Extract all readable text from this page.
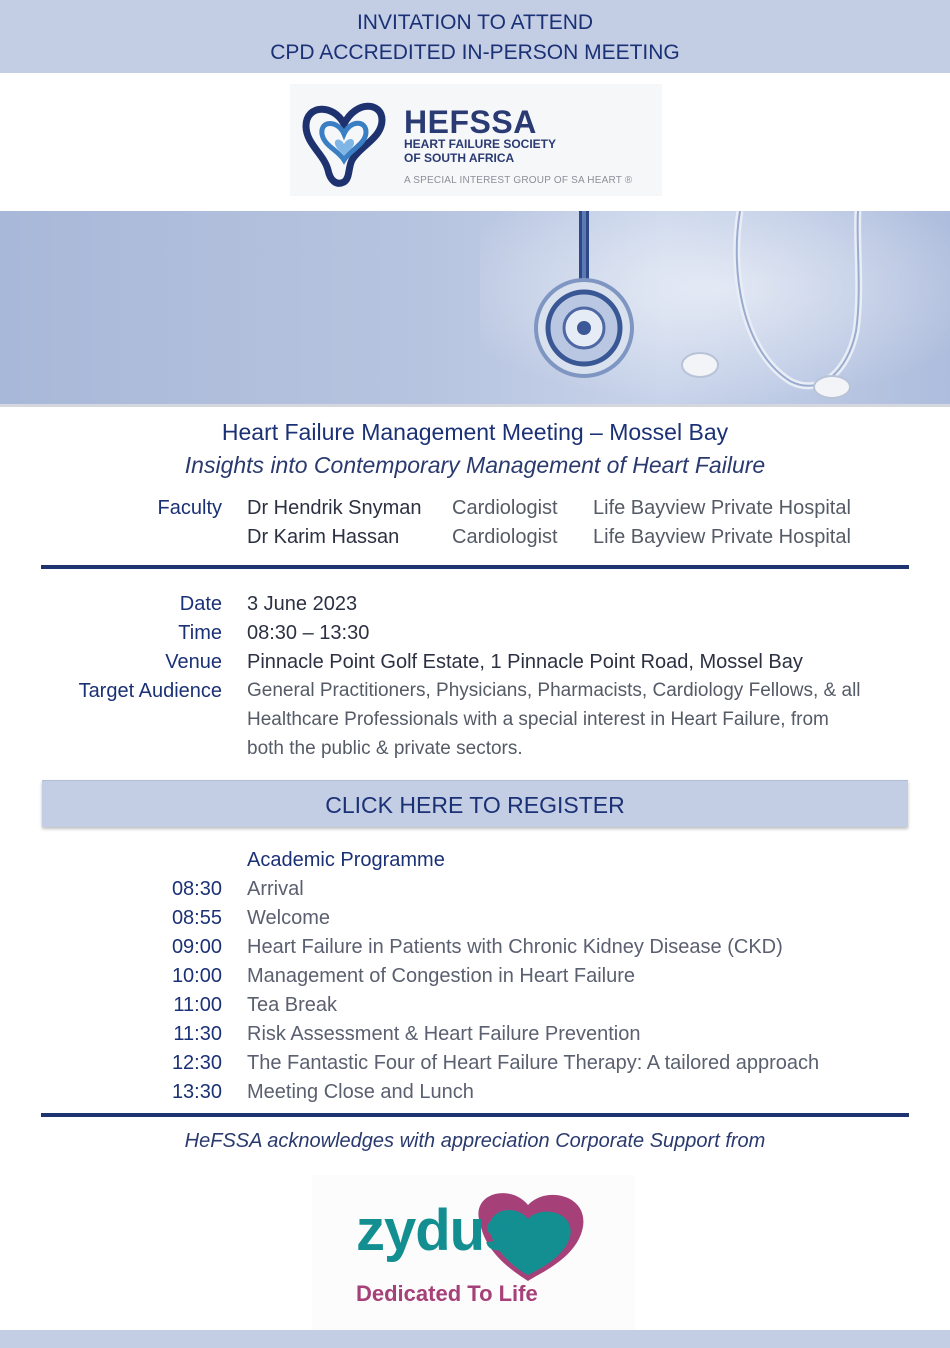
INVITATION TO ATTEND
CPD ACCREDITED IN-PERSON MEETING
HEFSSA
HEART FAILURE SOCIETY
OF SOUTH AFRICA
A SPECIAL INTEREST GROUP OF SA HEART ®
Heart Failure Management Meeting – Mossel Bay
Insights into Contemporary Management of Heart Failure
Faculty Dr Hendrik Snyman Cardiologist Life Bayview Private Hospital
Dr Karim Hassan	Cardiologist Life Bayview Private Hospital
Date 3 June 2023
Time 08:30 – 13:30
Venue Pinnacle Point Golf Estate, 1 Pinnacle Point Road, Mossel Bay
Target Audience General Practitioners, Physicians, Pharmacists, Cardiology Fellows, & all
Healthcare Professionals with a special interest in Heart Failure, from
both the public & private sectors.
CLICK HERE TO REGISTER
Academic Programme
08:30 Arrival
08:55 Welcome
09:00 Heart Failure in Patients with Chronic Kidney Disease (CKD)
10:00 Management of Congestion in Heart Failure
11:00 Tea Break
11:30 Risk Assessment & Heart Failure Prevention
12:30 The Fantastic Four of Heart Failure Therapy: A tailored approach
13:30 Meeting Close and Lunch
HeFSSA acknowledges with appreciation Corporate Support from
zydus
Dedicated To Life
